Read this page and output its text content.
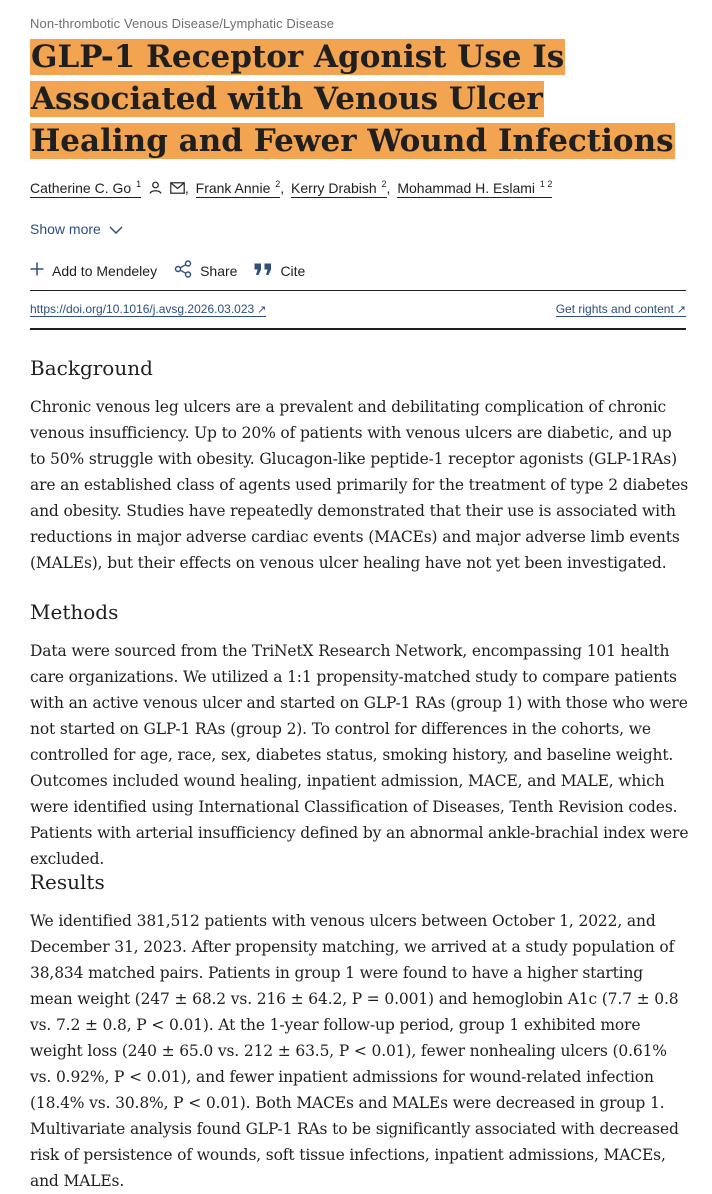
Non-thrombotic Venous Disease/Lymphatic Disease
GLP-1 Receptor Agonist Use Is Associated with Venous Ulcer Healing and Fewer Wound Infections
Catherine C. Go $^1$	, Frank Annie $^2$, Kerry Drabish $^2$, Mohammad H. Eslami $^{1 2}$
Show more
Add to Mendeley	Share	Cite
https://doi.org/10.1016/j.avsg.2026.03.023 ↗	Get rights and content ↗
Background

Chronic venous leg ulcers are a prevalent and debilitating complication of chronic venous insufficiency. Up to 20% of patients with venous ulcers are diabetic, and up to 50% struggle with obesity. Glucagon-like peptide-1 receptor agonists (GLP-1RAs) are an established class of agents used primarily for the treatment of type 2 diabetes and obesity. Studies have repeatedly demonstrated that their use is associated with reductions in major adverse cardiac events (MACEs) and major adverse limb events (MALEs), but their effects on venous ulcer healing have not yet been investigated.

Methods

Data were sourced from the TriNetX Research Network, encompassing 101 health care organizations. We utilized a 1:1 propensity-matched study to compare patients with an active venous ulcer and started on GLP-1 RAs (group 1) with those who were not started on GLP-1 RAs (group 2). To control for differences in the cohorts, we controlled for age, race, sex, diabetes status, smoking history, and baseline weight. Outcomes included wound healing, inpatient admission, MACE, and MALE, which were identified using International Classification of Diseases, Tenth Revision codes. Patients with arterial insufficiency defined by an abnormal ankle-brachial index were excluded.

Results

We identified 381,512 patients with venous ulcers between October 1, 2022, and December 31, 2023. After propensity matching, we arrived at a study population of 38,834 matched pairs. Patients in group 1 were found to have a higher starting mean weight (247 ± 68.2 vs. 216 ± 64.2, P = 0.001) and hemoglobin A1c (7.7 ± 0.8 vs. 7.2 ± 0.8, P < 0.01). At the 1-year follow-up period, group 1 exhibited more weight loss (240 ± 65.0 vs. 212 ± 63.5, P < 0.01), fewer nonhealing ulcers (0.61% vs. 0.92%, P < 0.01), and fewer inpatient admissions for wound-related infection (18.4% vs. 30.8%, P < 0.01). Both MACEs and MALEs were decreased in group 1. Multivariate analysis found GLP-1 RAs to be significantly associated with decreased risk of persistence of wounds, soft tissue infections, inpatient admissions, MACEs, and MALEs.
